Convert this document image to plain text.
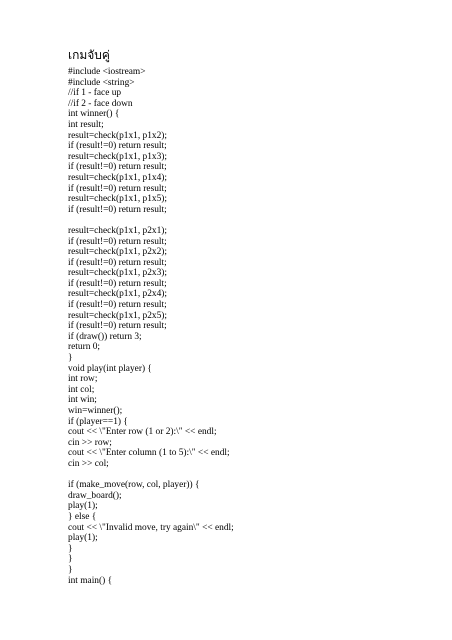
เกมจับคู่
#include <iostream>
#include <string>
//if 1 - face up
//if 2 - face down
int winner() {
int result;
result=check(p1x1, p1x2);
if (result!=0) return result;
result=check(p1x1, p1x3);
if (result!=0) return result;
result=check(p1x1, p1x4);
if (result!=0) return result;
result=check(p1x1, p1x5);
if (result!=0) return result;
result=check(p1x1, p2x1);
if (result!=0) return result;
result=check(p1x1, p2x2);
if (result!=0) return result;
result=check(p1x1, p2x3);
if (result!=0) return result;
result=check(p1x1, p2x4);
if (result!=0) return result;
result=check(p1x1, p2x5);
if (result!=0) return result;
if (draw()) return 3;
return 0;
}
void play(int player) {
int row;
int col;
int win;
win=winner();
if (player==1) {
cout << \"Enter row (1 or 2):\" << endl;
cin >> row;
cout << \"Enter column (1 to 5):\" << endl;
cin >> col;
if (make_move(row, col, player)) {
draw_board();
play(1);
} else {
cout << \"Invalid move, try again\" << endl;
play(1);
}
}
}
int main() {
